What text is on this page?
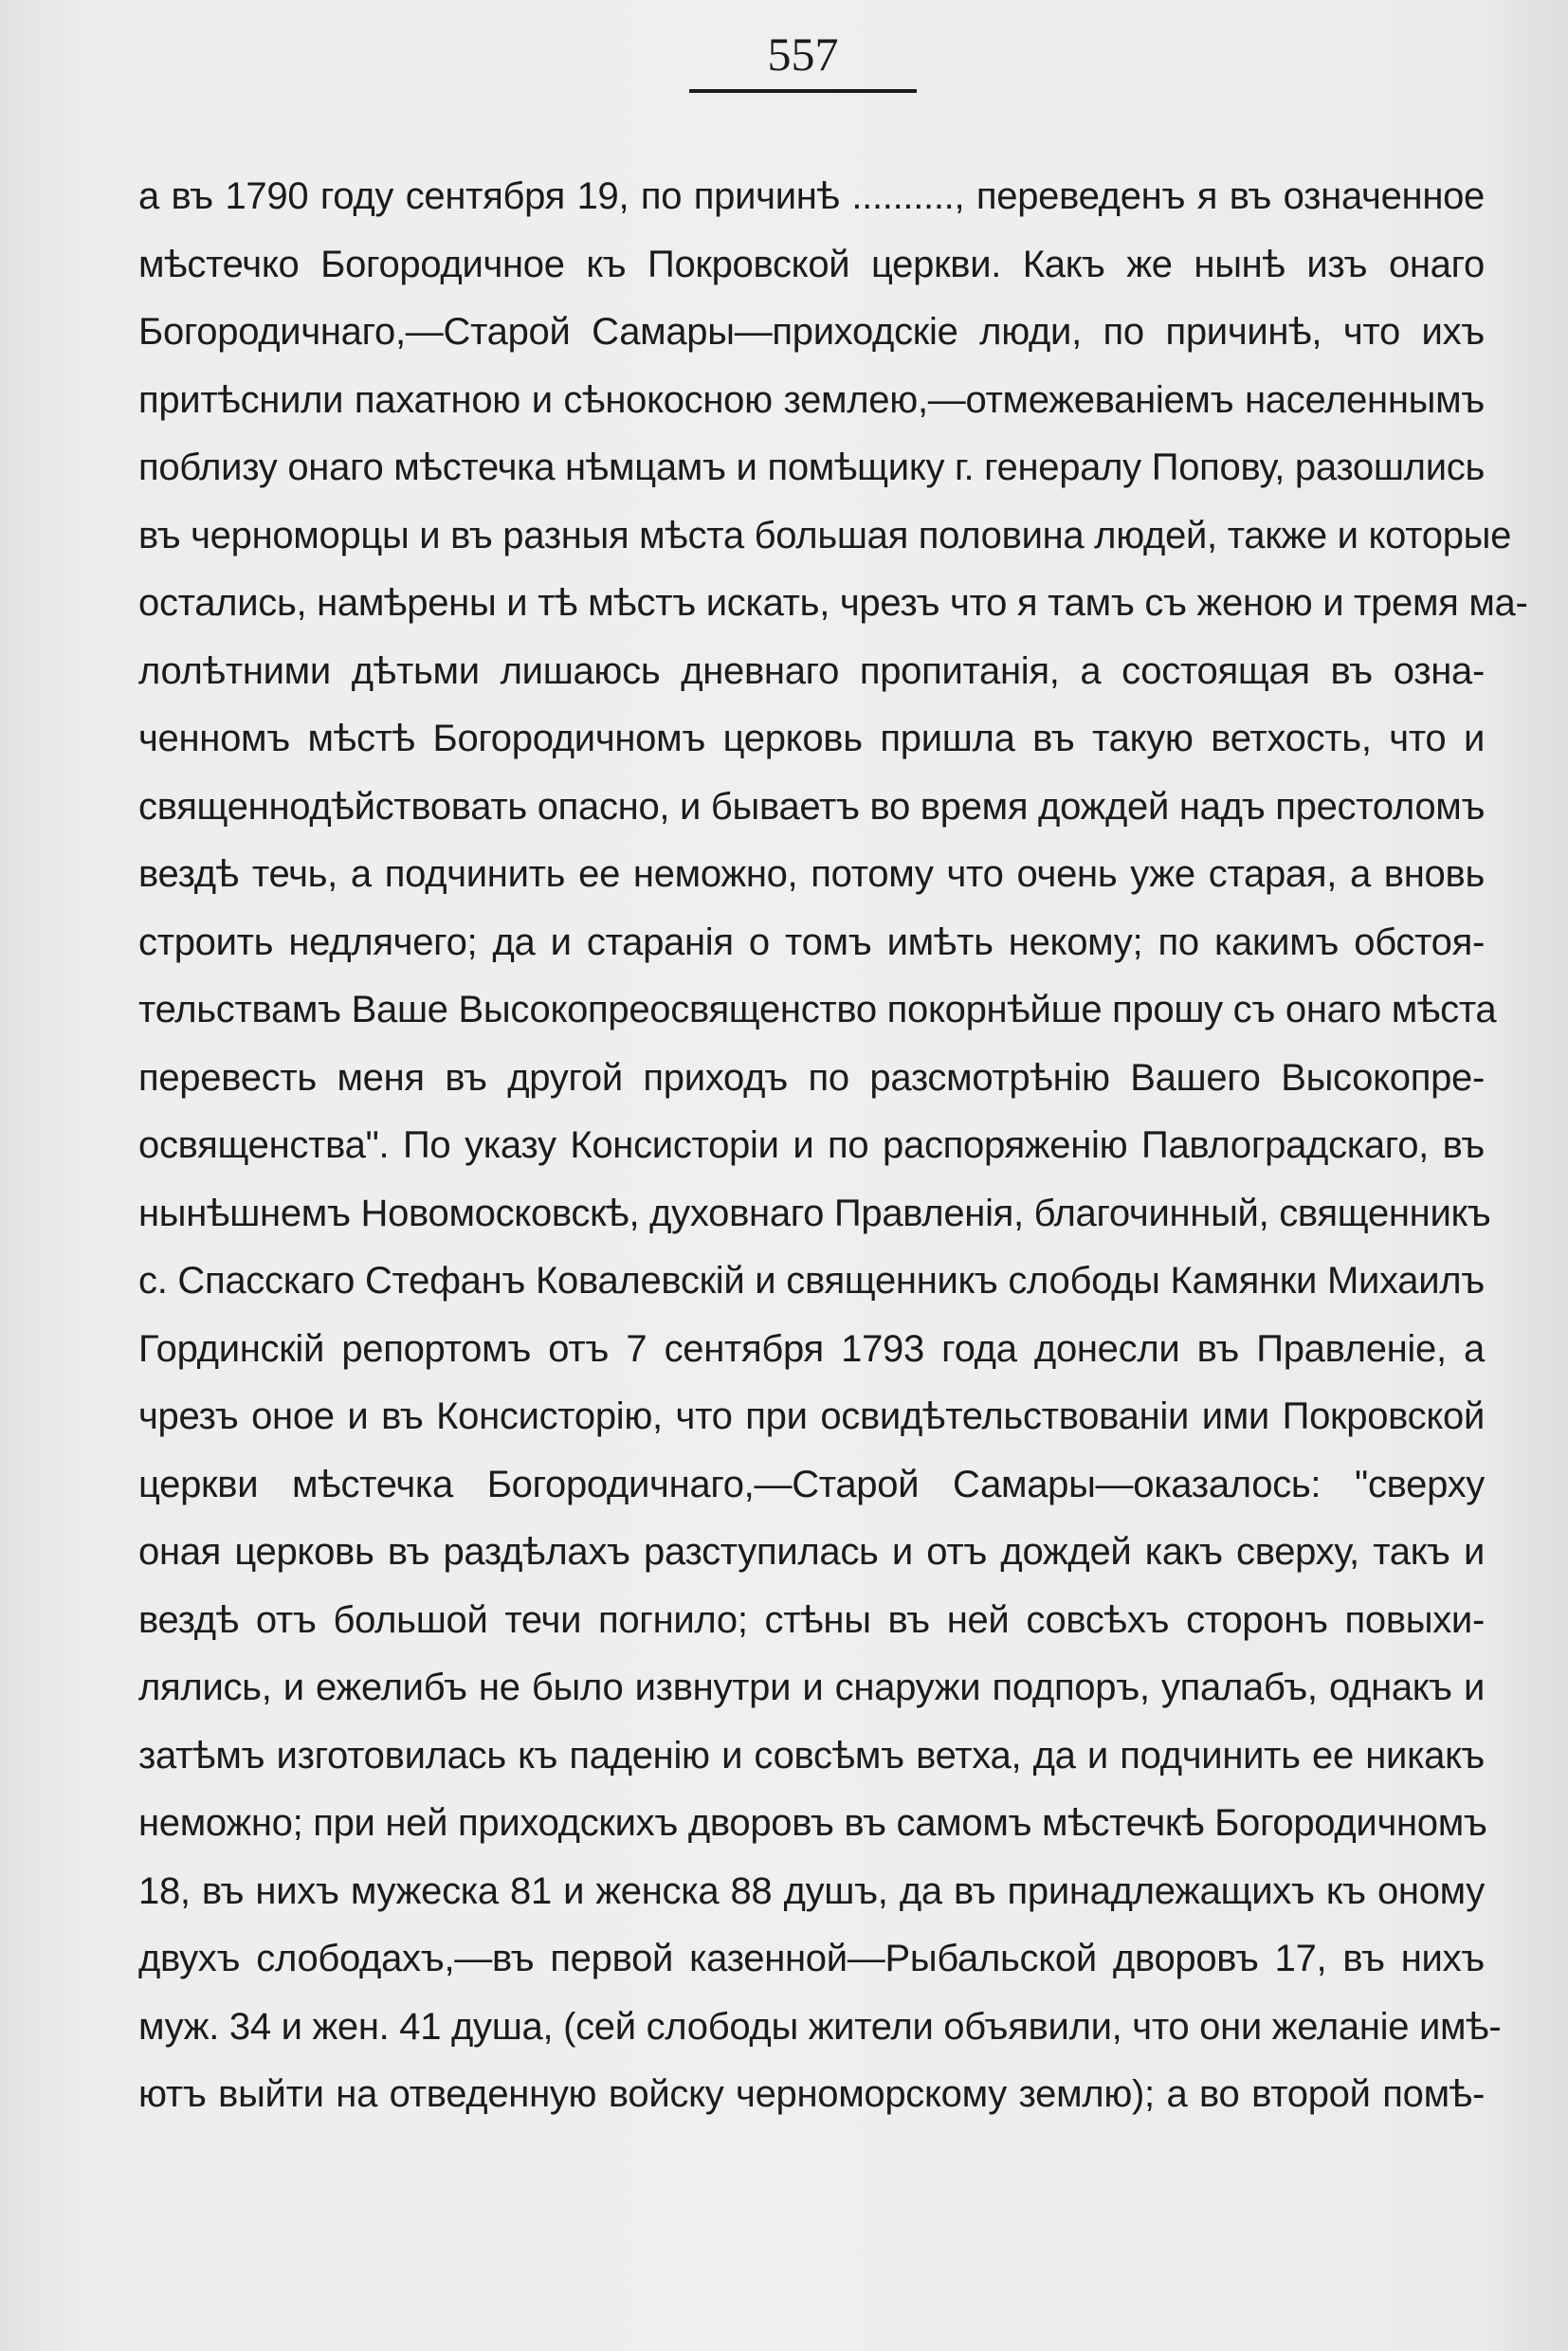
557
а въ 1790 году сентября 19, по причинѣ .........., переведенъ я въ означенное
мѣстечко Богородичное къ Покровской церкви. Какъ же нынѣ изъ онаго
Богородичнаго,—Старой Самары—приходскіе люди, по причинѣ, что ихъ
притѣснили пахатною и сѣнокосною землею,—отмежеваніемъ населеннымъ
поблизу онаго мѣстечка нѣмцамъ и помѣщику г. генералу Попову, разошлись
въ черноморцы и въ разныя мѣста большая половина людей, также и которые
остались, намѣрены и тѣ мѣстъ искать, чрезъ что я тамъ съ женою и тремя ма-
лолѣтними дѣтьми лишаюсь дневнаго пропитанія, а состоящая въ озна-
ченномъ мѣстѣ Богородичномъ церковь пришла въ такую ветхость, что и
священнодѣйствовать опасно, и бываетъ во время дождей надъ престоломъ
вездѣ течь, а подчинить ее неможно, потому что очень уже старая, а вновь
строить недлячего; да и старанія о томъ имѣть некому; по какимъ обстоя-
тельствамъ Ваше Высокопреосвященство покорнѣйше прошу съ онаго мѣста
перевесть меня въ другой приходъ по разсмотрѣнію Вашего Высокопре-
освященства". По указу Консисторіи и по распоряженію Павлоградскаго, въ
нынѣшнемъ Новомосковскѣ, духовнаго Правленія, благочинный, священникъ
с. Спасскаго Стефанъ Ковалевскій и священникъ слободы Камянки Михаилъ
Гординскій репортомъ отъ 7 сентября 1793 года донесли въ Правленіе, а
чрезъ оное и въ Консисторію, что при освидѣтельствованіи ими Покровской
церкви мѣстечка Богородичнаго,—Старой Самары—оказалось: "сверху
оная церковь въ раздѣлахъ разступилась и отъ дождей какъ сверху, такъ и
вездѣ отъ большой течи погнило; стѣны въ ней совсѣхъ сторонъ повыхи-
лялись, и ежелибъ не было извнутри и снаружи подпоръ, упалабъ, однакъ и
затѣмъ изготовилась къ паденію и совсѣмъ ветха, да и подчинить ее никакъ
неможно; при ней приходскихъ дворовъ въ самомъ мѣстечкѣ Богородичномъ
18, въ нихъ мужеска 81 и женска 88 душъ, да въ принадлежащихъ къ оному
двухъ слободахъ,—въ первой казенной—Рыбальской дворовъ 17, въ нихъ
муж. 34 и жен. 41 душа, (сей слободы жители объявили, что они желаніе имѣ-
ютъ выйти на отведенную войску черноморскому землю); а во второй помѣ-
